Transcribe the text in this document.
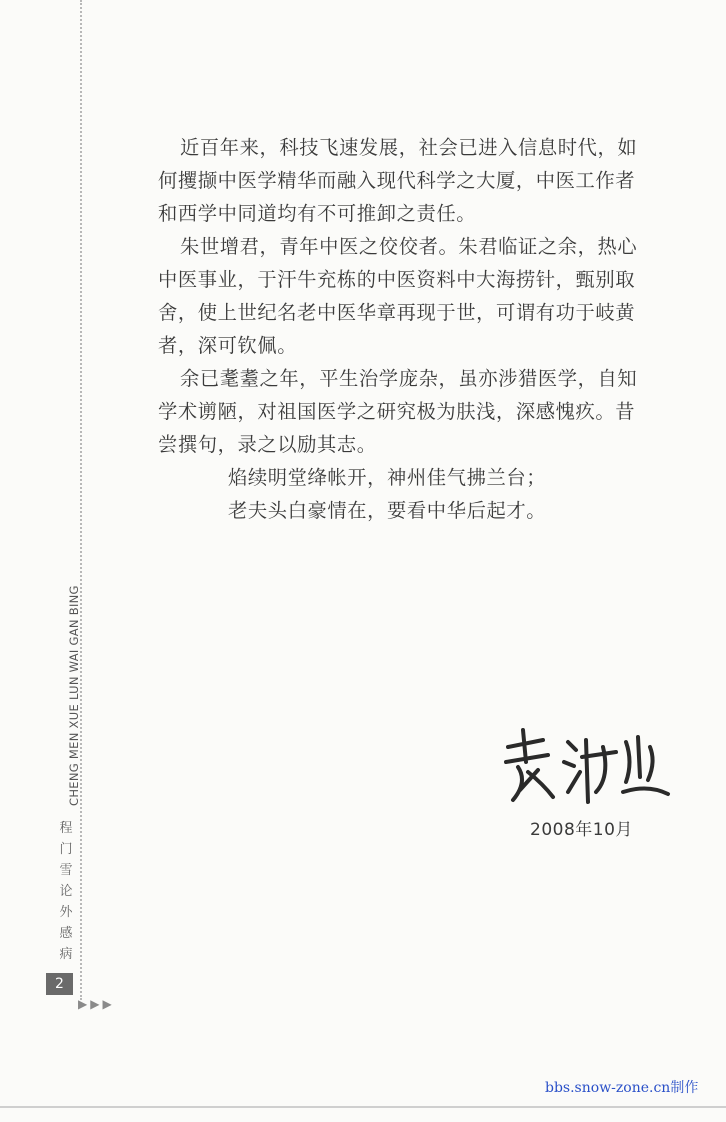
近百年来，科技飞速发展，社会已进入信息时代，如
何攫撷中医学精华而融入现代科学之大厦，中医工作者
和西学中同道均有不可推卸之责任。
朱世增君，青年中医之佼佼者。朱君临证之余，热心
中医事业，于汗牛充栋的中医资料中大海捞针，甄别取
舍，使上世纪名老中医华章再现于世，可谓有功于岐黄
者，深可钦佩。
余已耄耋之年，平生治学庞杂，虽亦涉猎医学，自知
学术谫陋，对祖国医学之研究极为肤浅，深感愧疚。昔
尝撰句，录之以励其志。
焰续明堂绛帐开，神州佳气拂兰台；
老夫头白豪情在，要看中华后起才。
2008年10月
CHENG MEN XUE LUN WAI GAN BING
程门雪论外感病
2
▶▶▶
bbs.snow-zone.cn制作
